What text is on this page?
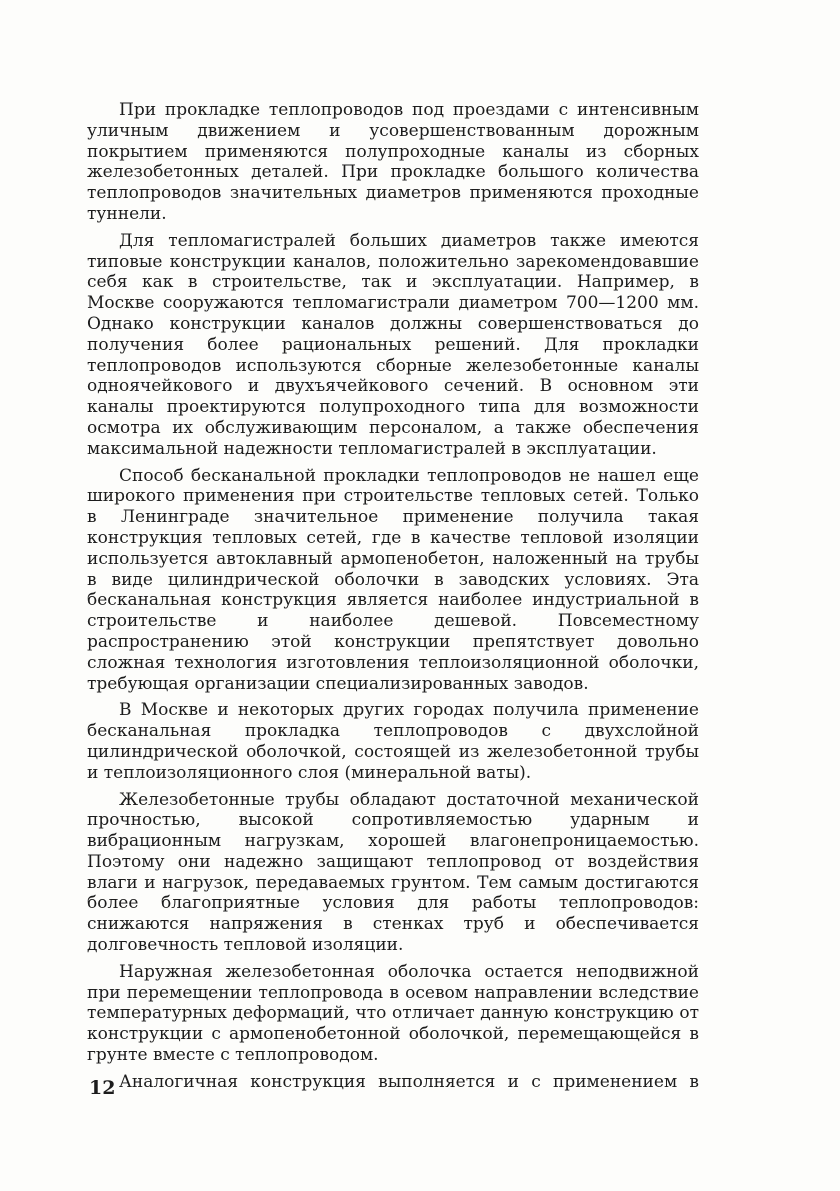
При прокладке теплопроводов под проездами с интенсивным уличным движением и усовершенствованным дорожным покрытием применяются полупроходные каналы из сборных железобетонных деталей. При прокладке большого количества теплопроводов значительных диаметров применяются проходные туннели.

Для тепломагистралей больших диаметров также имеются типовые конструкции каналов, положительно зарекомендовавшие себя как в строительстве, так и эксплуатации. Например, в Москве сооружаются тепломагистрали диаметром 700—1200 мм. Однако конструкции каналов должны совершенствоваться до получения более рациональных решений. Для прокладки теплопроводов используются сборные железобетонные каналы одноячейкового и двухъячейкового сечений. В основном эти каналы проектируются полупроходного типа для возможности осмотра их обслуживающим персоналом, а также обеспечения максимальной надежности тепломагистралей в эксплуатации.

Способ бесканальной прокладки теплопроводов не нашел еще широкого применения при строительстве тепловых сетей. Только в Ленинграде значительное применение получила такая конструкция тепловых сетей, где в качестве тепловой изоляции используется автоклавный армопенобетон, наложенный на трубы в виде цилиндрической оболочки в заводских условиях. Эта бесканальная конструкция является наиболее индустриальной в строительстве и наиболее дешевой. Повсеместному распространению этой конструкции препятствует довольно сложная технология изготовления теплоизоляционной оболочки, требующая организации специализированных заводов.

В Москве и некоторых других городах получила применение бесканальная прокладка теплопроводов с двухслойной цилиндрической оболочкой, состоящей из железобетонной трубы и теплоизоляционного слоя (минеральной ваты).

Железобетонные трубы обладают достаточной механической прочностью, высокой сопротивляемостью ударным и вибрационным нагрузкам, хорошей влагонепроницаемостью. Поэтому они надежно защищают теплопровод от воздействия влаги и нагрузок, передаваемых грунтом. Тем самым достигаются более благоприятные условия для работы теплопроводов: снижаются напряжения в стенках труб и обеспечивается долговечность тепловой изоляции.

Наружная железобетонная оболочка остается неподвижной при перемещении теплопровода в осевом направлении вследствие температурных деформаций, что отличает данную конструкцию от конструкции с армопенобетонной оболочкой, перемещающейся в грунте вместе с теплопроводом.

Аналогичная конструкция выполняется и с применением в

12
